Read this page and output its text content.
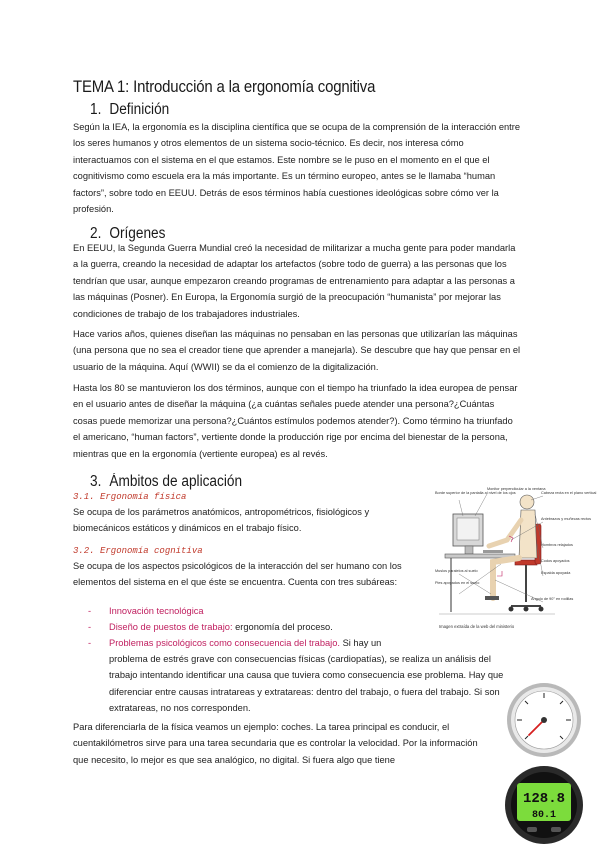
TEMA 1: Introducción a la ergonomía cognitiva
1. Definición

Según la IEA, la ergonomía es la disciplina científica que se ocupa de la comprensión de la interacción entre los seres humanos y otros elementos de un sistema socio-técnico. Es decir, nos interesa cómo interactuamos con el sistema en el que estamos. Este nombre se le puso en el momento en el que el cognitivismo como escuela era la más importante. Es un término europeo, antes se le llamaba “human factors”, sobre todo en EEUU. Detrás de esos términos había cuestiones ideológicas sobre cómo ver la profesión.

2. Orígenes

En EEUU, la Segunda Guerra Mundial creó la necesidad de militarizar a mucha gente para poder mandarla a la guerra, creando la necesidad de adaptar los artefactos (sobre todo de guerra) a las personas que los tendrían que usar, aunque empezaron creando programas de entrenamiento para adaptar a las personas a las máquinas (Posner). En Europa, la Ergonomía surgió de la preocupación “humanista” por mejorar las condiciones de trabajo de los trabajadores industriales.

Hace varios años, quienes diseñan las máquinas no pensaban en las personas que utilizarían las máquinas (una persona que no sea el creador tiene que aprender a manejarla). Se descubre que hay que pensar en el usuario de la máquina. Aquí (WWII) se da el comienzo de la digitalización.

Hasta los 80 se mantuvieron los dos términos, aunque con el tiempo ha triunfado la idea europea de pensar en el usuario antes de diseñar la máquina (¿a cuántas señales puede atender una persona?¿Cuántas cosas puede memorizar una persona?¿Cuántos estímulos podemos atender?). Como término ha triunfado el americano, “human factors”, vertiente donde la producción rige por encima del bienestar de la persona, mientras que en la ergonomía (vertiente europea) es al revés.

3. Ámbitos de aplicación

3.1. Ergonomía física

Se ocupa de los parámetros anatómicos, antropométricos, fisiológicos y biomecánicos estáticos y dinámicos en el trabajo físico.

3.2. Ergonomía cognitiva

Se ocupa de los aspectos psicológicos de la interacción del ser humano con los elementos del sistema en el que éste se encuentra. Cuenta con tres subáreas:

- Innovación tecnológica

- Diseño de puestos de trabajo: ergonomía del proceso.

- Problemas psicológicos como consecuencia del trabajo. Si hay un

problema de estrés grave con consecuencias físicas (cardiopatías), se realiza un análisis del trabajo intentando identificar una causa que tuviera como consecuencia ese problema. Hay que diferenciar entre causas intratareas y extratareas: dentro del trabajo, o fuera del trabajo. Si son extratareas, no nos corresponden.

Para diferenciarla de la física veamos un ejemplo: coches. La tarea principal es conducir, el cuentakilómetros sirve para una tarea secundaria que es controlar la velocidad. Por la información que necesito, lo mejor es que sea analógico, no digital. Si fuera algo que tiene

Borde superior de la pantalla al nivel de los ojos
Monitor perpendicular a la ventana
Cabeza recta en el plano vertical
Antebrazos y muñecas rectos
Hombros relajados
Codos apoyados
Espalda apoyada
Pies apoyados en el suelo
Muslos paralelos al suelo
Ángulo de 90° en rodillas
Imagen extraída de la web del ministerio
128.8
80.1
